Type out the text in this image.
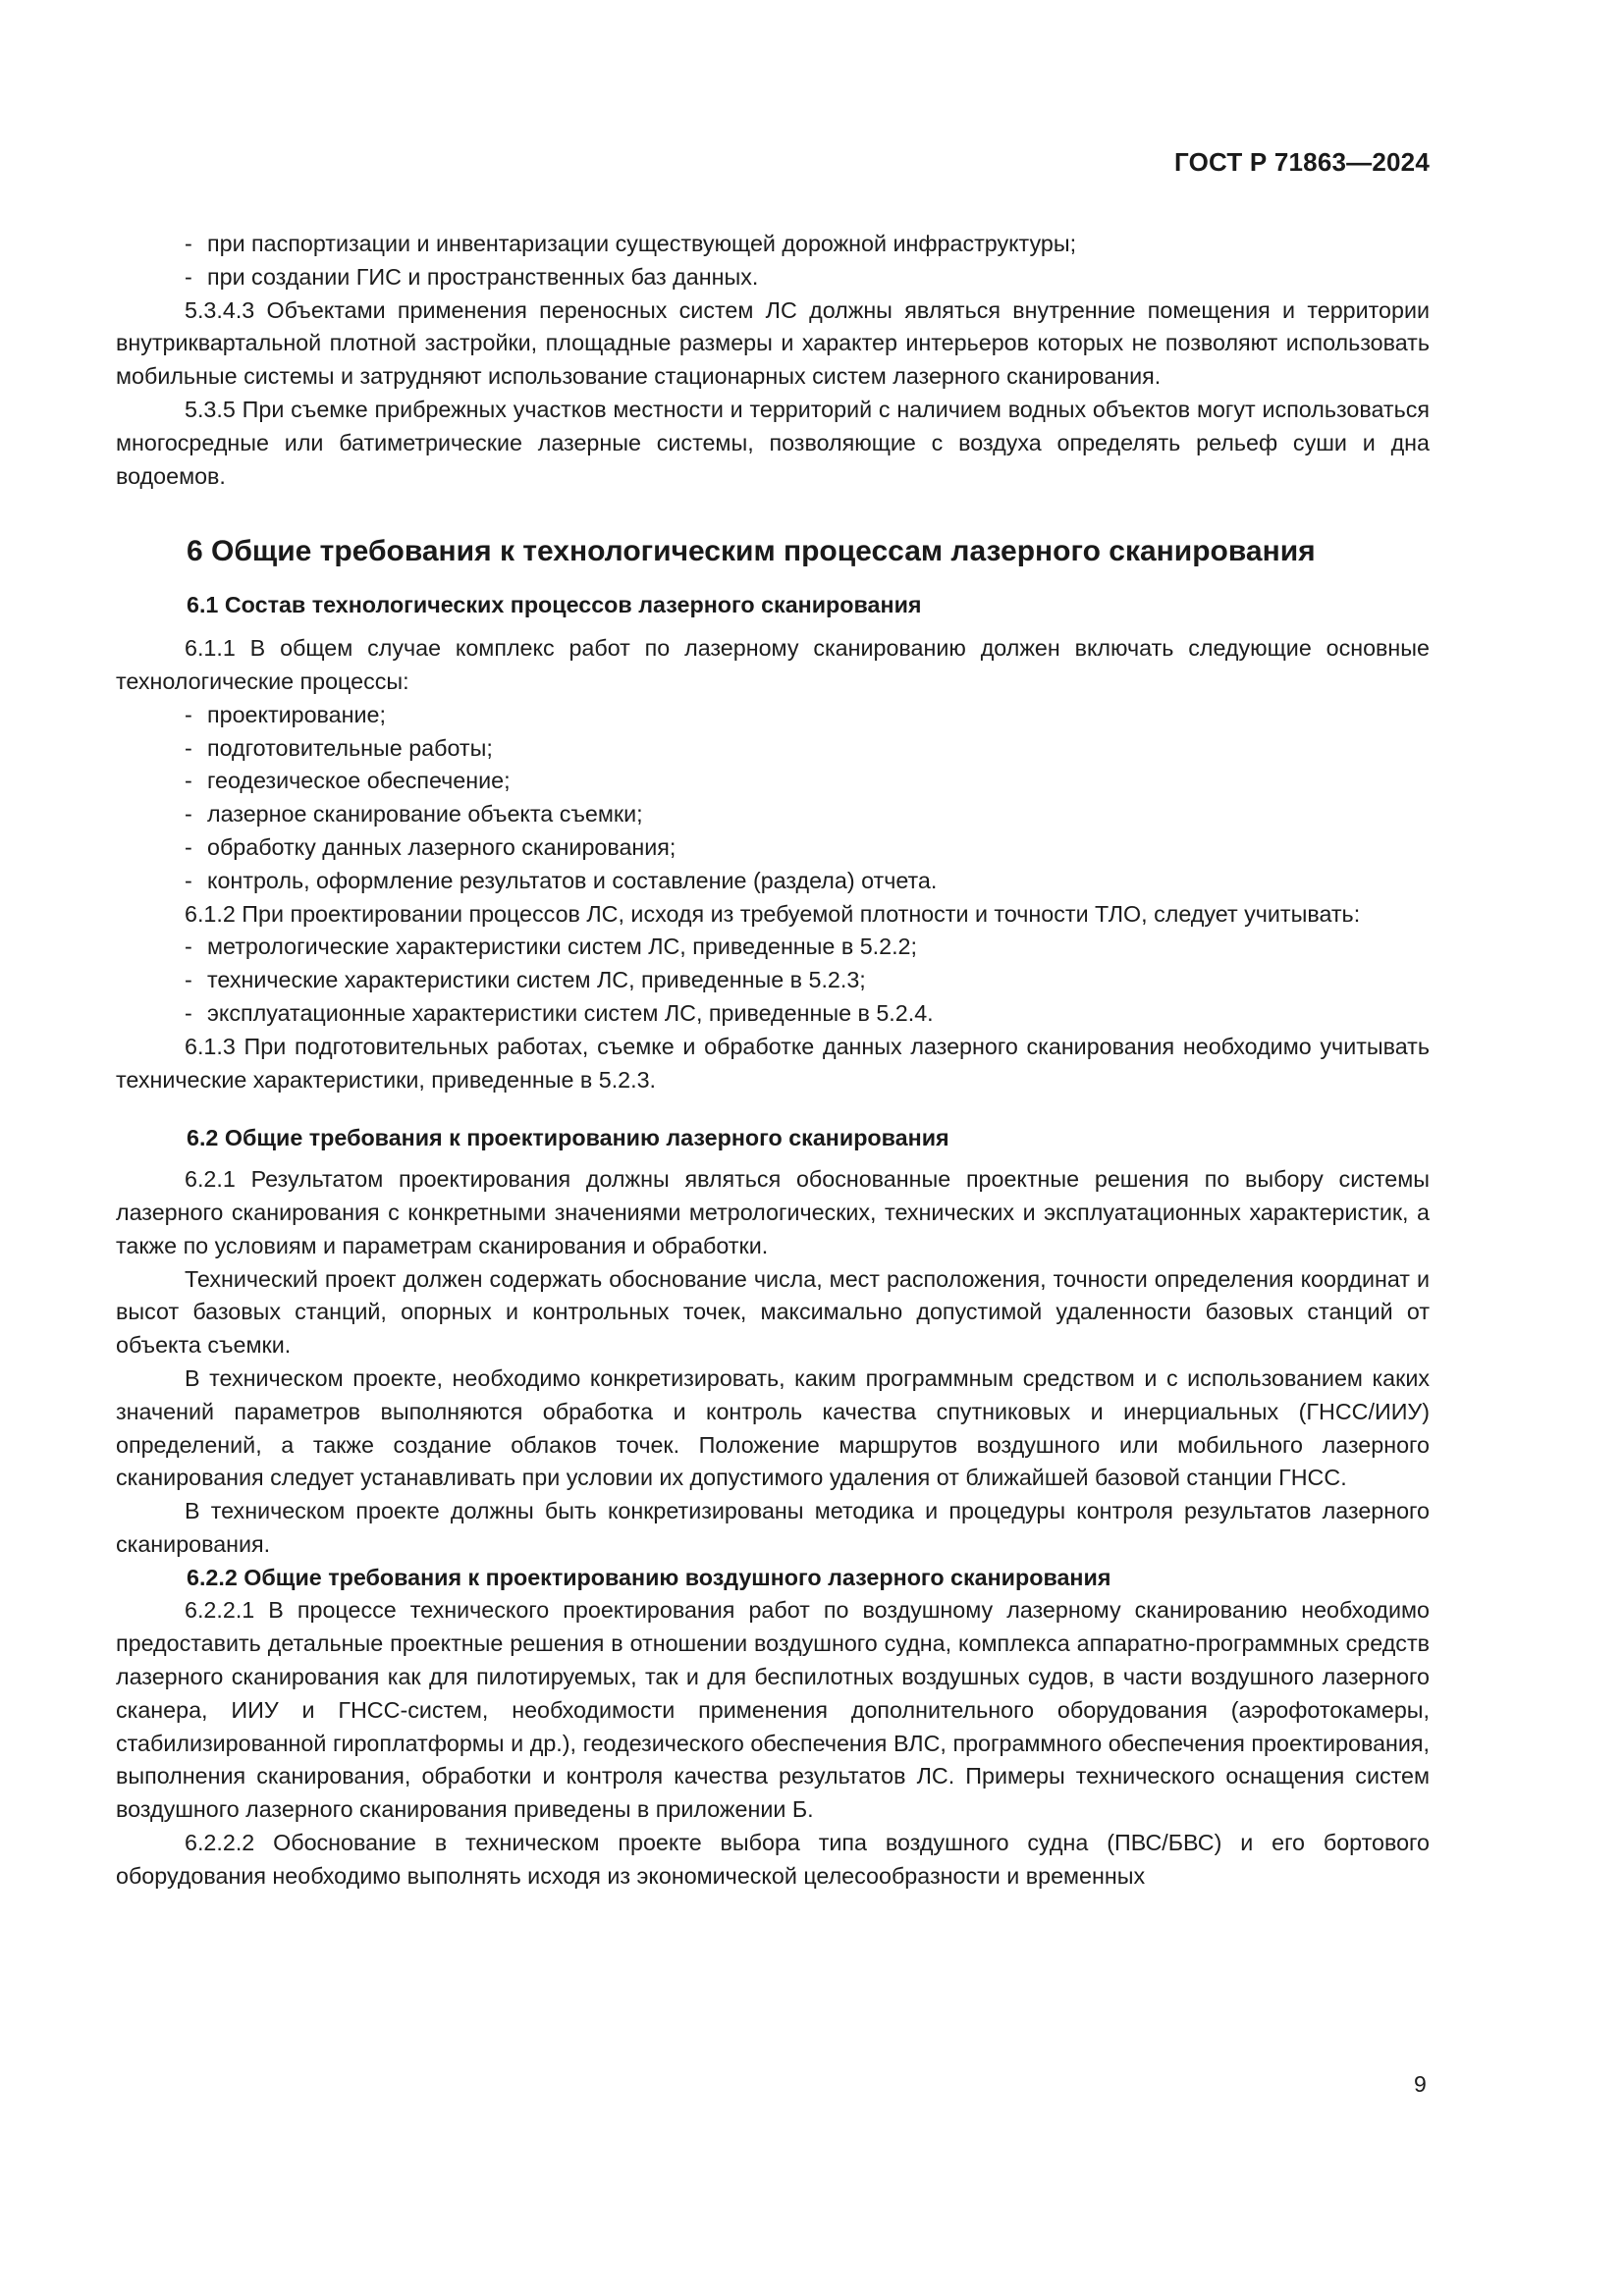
ГОСТ Р 71863—2024

- при паспортизации и инвентаризации существующей дорожной инфраструктуры;

- при создании ГИС и пространственных баз данных.

5.3.4.3 Объектами применения переносных систем ЛС должны являться внутренние помещения и территории внутриквартальной плотной застройки, площадные размеры и характер интерьеров которых не позволяют использовать мобильные системы и затрудняют использование стационарных систем лазерного сканирования.

5.3.5 При съемке прибрежных участков местности и территорий с наличием водных объектов могут использоваться многосредные или батиметрические лазерные системы, позволяющие с воздуха определять рельеф суши и дна водоемов.

6 Общие требования к технологическим процессам лазерного сканирования
6.1 Состав технологических процессов лазерного сканирования

6.1.1 В общем случае комплекс работ по лазерному сканированию должен включать следующие основные технологические процессы:

- проектирование;

- подготовительные работы;

- геодезическое обеспечение;

- лазерное сканирование объекта съемки;

- обработку данных лазерного сканирования;

- контроль, оформление результатов и составление (раздела) отчета.

6.1.2 При проектировании процессов ЛС, исходя из требуемой плотности и точности ТЛО, следует учитывать:

- метрологические характеристики систем ЛС, приведенные в 5.2.2;

- технические характеристики систем ЛС, приведенные в 5.2.3;

- эксплуатационные характеристики систем ЛС, приведенные в 5.2.4.

6.1.3 При подготовительных работах, съемке и обработке данных лазерного сканирования необходимо учитывать технические характеристики, приведенные в 5.2.3.

6.2 Общие требования к проектированию лазерного сканирования

6.2.1 Результатом проектирования должны являться обоснованные проектные решения по выбору системы лазерного сканирования с конкретными значениями метрологических, технических и эксплуатационных характеристик, а также по условиям и параметрам сканирования и обработки.

Технический проект должен содержать обоснование числа, мест расположения, точности определения координат и высот базовых станций, опорных и контрольных точек, максимально допустимой удаленности базовых станций от объекта съемки.

В техническом проекте, необходимо конкретизировать, каким программным средством и с использованием каких значений параметров выполняются обработка и контроль качества спутниковых и инерциальных (ГНСС/ИИУ) определений, а также создание облаков точек. Положение маршрутов воздушного или мобильного лазерного сканирования следует устанавливать при условии их допустимого удаления от ближайшей базовой станции ГНСС.

В техническом проекте должны быть конкретизированы методика и процедуры контроля результатов лазерного сканирования.

6.2.2 Общие требования к проектированию воздушного лазерного сканирования

6.2.2.1 В процессе технического проектирования работ по воздушному лазерному сканированию необходимо предоставить детальные проектные решения в отношении воздушного судна, комплекса аппаратно-программных средств лазерного сканирования как для пилотируемых, так и для беспилотных воздушных судов, в части воздушного лазерного сканера, ИИУ и ГНСС-систем, необходимости применения дополнительного оборудования (аэрофотокамеры, стабилизированной гироплатформы и др.), геодезического обеспечения ВЛС, программного обеспечения проектирования, выполнения сканирования, обработки и контроля качества результатов ЛС. Примеры технического оснащения систем воздушного лазерного сканирования приведены в приложении Б.

6.2.2.2 Обоснование в техническом проекте выбора типа воздушного судна (ПВС/БВС) и его бортового оборудования необходимо выполнять исходя из экономической целесообразности и временных

9
